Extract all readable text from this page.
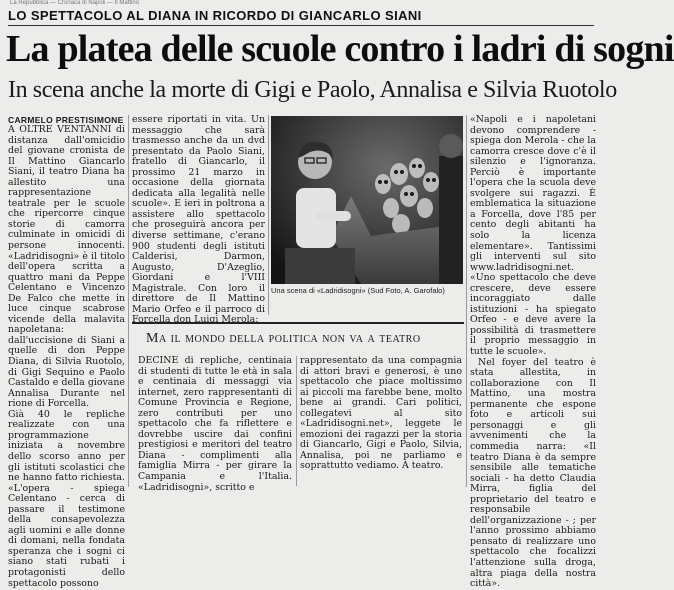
La Repubblica — Cronaca di Napoli — Il Mattino
LO SPETTACOLO AL DIANA IN RICORDO DI GIANCARLO SIANI
La platea delle scuole contro i ladri di sogni
In scena anche la morte di Gigi e Paolo, Annalisa e Silvia Ruotolo
CARMELO PRESTISIMONE

A OLTRE VENTANNI di distanza dall'omicidio del giovane cronista de Il Mattino Giancarlo Siani, il teatro Diana ha allestito una rappresentazione teatrale per le scuole che ripercorre cinque storie di camorra culminate in omicidi di persone innocenti. «Ladridisogni» è il titolo dell'opera scritta a quattro mani da Peppe Celentano e Vincenzo De Falco che mette in luce cinque scabrose vicende della malavita napoletana: dall'uccisione di Siani a quelle di don Peppe Diana, di Silvia Ruotolo, di Gigi Sequino e Paolo Castaldo e della giovane Annalisa Durante nel rione di Forcella.

Già 40 le repliche realizzate con una programmazione iniziata a novembre dello scorso anno per gli istituti scolastici che ne hanno fatto richiesta. «L'opera - spiega Celentano - cerca di passare il testimone della consapevolezza agli uomini e alle donne di domani, nella fondata speranza che i sogni ci siano stati rubati i protagonisti dello spettacolo possono

essere riportati in vita. Un messaggio che sarà trasmesso anche da un dvd presentato da Paolo Siani, fratello di Giancarlo, il prossimo 21 marzo in occasione della giornata dedicata alla legalità nelle scuole». E ieri in poltrona a assistere allo spettacolo che proseguirà ancora per diverse settimane, c'erano 900 studenti degli istituti Calderisi, Darmon, Augusto, D'Azeglio, Giordani e l'VIII Magistrale. Con loro il direttore de Il Mattino Mario Orfeo e il parroco di Forcella don Luigi Merola:

Una scena di «Ladridisogni» (Sud Foto, A. Garofalo)
Ma il mondo della politica non va a teatro

DECINE di repliche, centinaia di studenti di tutte le età in sala e centinaia di messaggi via internet, zero rappresentanti di Comune Provincia e Regione, zero contributi per uno spettacolo che fa riflettere e dovrebbe uscire dai confini prestigiosi e meritori del teatro Diana - complimenti alla famiglia Mirra - per girare la Campania e l'Italia. «Ladridisogni», scritto e

rappresentato da una compagnia di attori bravi e generosi, è uno spettacolo che piace moltissimo ai piccoli ma farebbe bene, molto bene ai grandi. Cari politici, collegatevi al sito «Ladridisogni.net», leggete le emozioni dei ragazzi per la storia di Giancarlo, Gigi e Paolo, Silvia, Annalisa, poi ne parliamo e soprattutto vediamo. A teatro.

«Napoli e i napoletani devono comprendere - spiega don Merola - che la camorra cresce dove c'è il silenzio e l'ignoranza. Perciò è importante l'opera che la scuola deve svolgere sui ragazzi. È emblematica la situazione a Forcella, dove l'85 per cento degli abitanti ha solo la licenza elementare». Tantissimi gli interventi sul sito www.ladridisogni.net. «Uno spettacolo che deve crescere, deve essere incoraggiato dalle istituzioni - ha spiegato Orfeo - e deve avere la possibilità di trasmettere il proprio messaggio in tutte le scuole».

Nel foyer del teatro è stata allestita, in collaborazione con Il Mattino, una mostra permanente che espone foto e articoli sui personaggi e gli avvenimenti che la commedia narra: «Il teatro Diana è da sempre sensibile alle tematiche sociali - ha detto Claudia Mirra, figlia del proprietario del teatro e responsabile dell'organizzazione - ; per l'anno prossimo abbiamo pensato di realizzare uno spettacolo che focalizzi l'attenzione sulla droga, altra piaga della nostra città».
